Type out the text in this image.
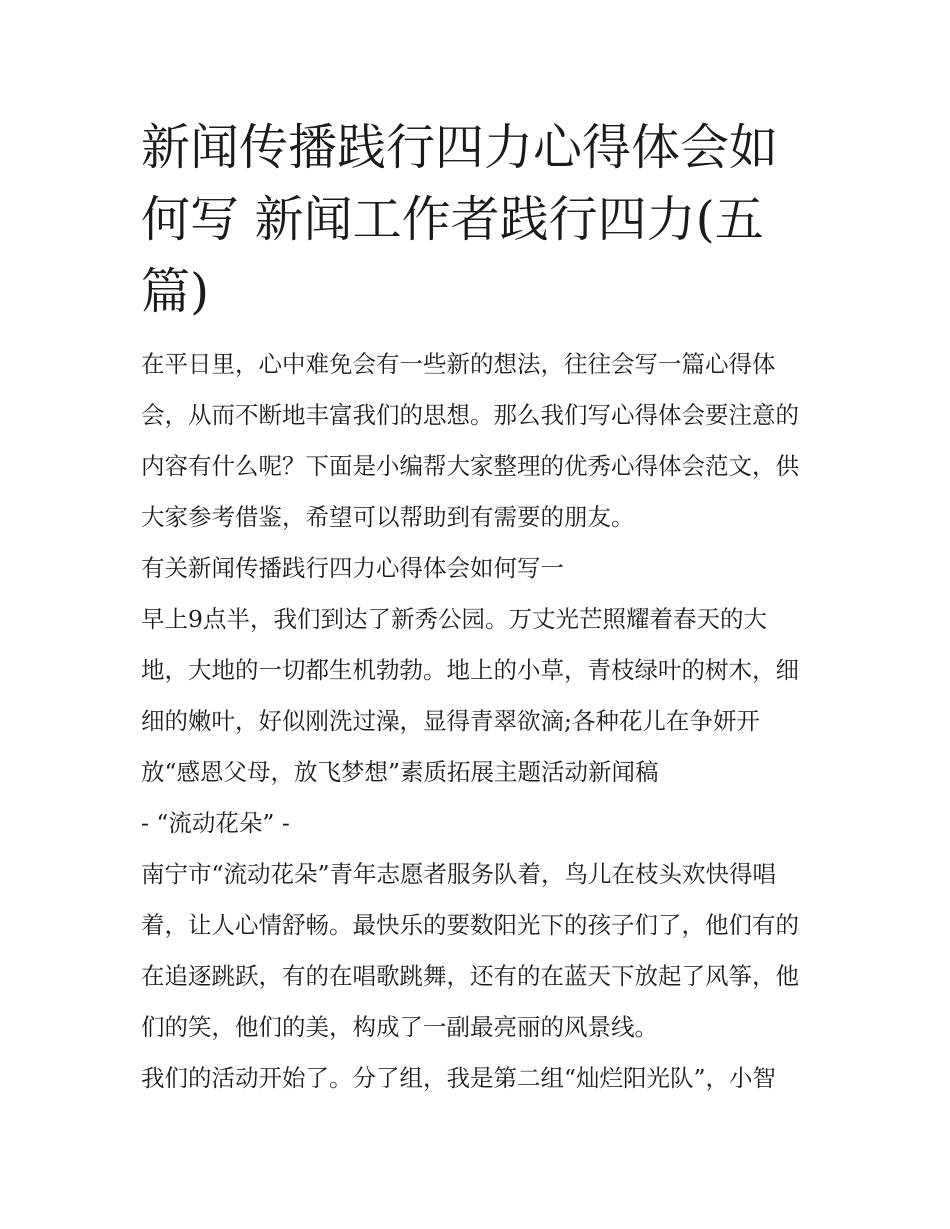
新闻传播践行四力心得体会如何写 新闻工作者践行四力(五篇)

在平日里，心中难免会有一些新的想法，往往会写一篇心得体会，从而不断地丰富我们的思想。那么我们写心得体会要注意的内容有什么呢？下面是小编帮大家整理的优秀心得体会范文，供大家参考借鉴，希望可以帮助到有需要的朋友。

有关新闻传播践行四力心得体会如何写一

早上9点半，我们到达了新秀公园。万丈光芒照耀着春天的大地，大地的一切都生机勃勃。地上的小草，青枝绿叶的树木，细细的嫩叶，好似刚洗过澡，显得青翠欲滴;各种花儿在争妍开放“感恩父母，放飞梦想”素质拓展主题活动新闻稿

- “流动花朵” -

南宁市“流动花朵”青年志愿者服务队着，鸟儿在枝头欢快得唱着，让人心情舒畅。最快乐的要数阳光下的孩子们了，他们有的在追逐跳跃，有的在唱歌跳舞，还有的在蓝天下放起了风筝，他们的笑，他们的美，构成了一副最亮丽的风景线。

我们的活动开始了。分了组，我是第二组“灿烂阳光队”，小智
